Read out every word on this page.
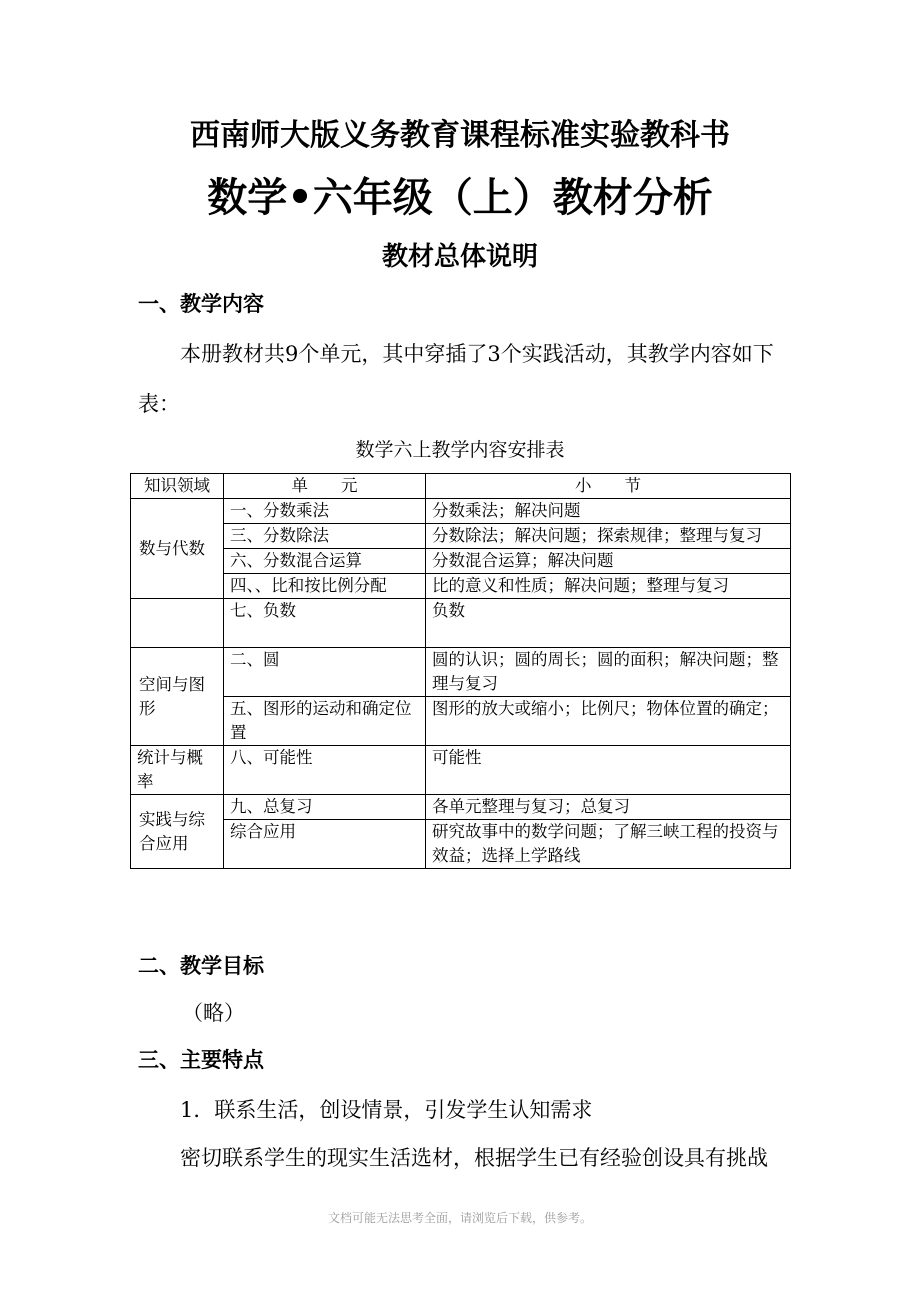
西南师大版义务教育课程标准实验教科书
数学•六年级（上）教材分析
教材总体说明
一、教学内容
本册教材共9个单元，其中穿插了3个实践活动，其教学内容如下
表：
数学六上教学内容安排表
知识领域	单　　元	小　　节
数与代数	一、分数乘法	分数乘法；解决问题
	三、分数除法	分数除法；解决问题；探索规律；整理与复习
	六、分数混合运算	分数混合运算；解决问题
	四、、比和按比例分配	比的意义和性质；解决问题；整理与复习
	七、负数	负数
空间与图形	二、圆	圆的认识；圆的周长；圆的面积；解决问题；整理与复习
	五、图形的运动和确定位置	图形的放大或缩小；比例尺；物体位置的确定；
统计与概率	八、可能性	可能性
实践与综合应用	九、总复习	各单元整理与复习；总复习
	综合应用	研究故事中的数学问题；了解三峡工程的投资与效益；选择上学路线
二、教学目标
（略）
三、主要特点
1．联系生活，创设情景，引发学生认知需求
密切联系学生的现实生活选材，根据学生已有经验创设具有挑战
文档可能无法思考全面，请浏览后下载，供参考。
